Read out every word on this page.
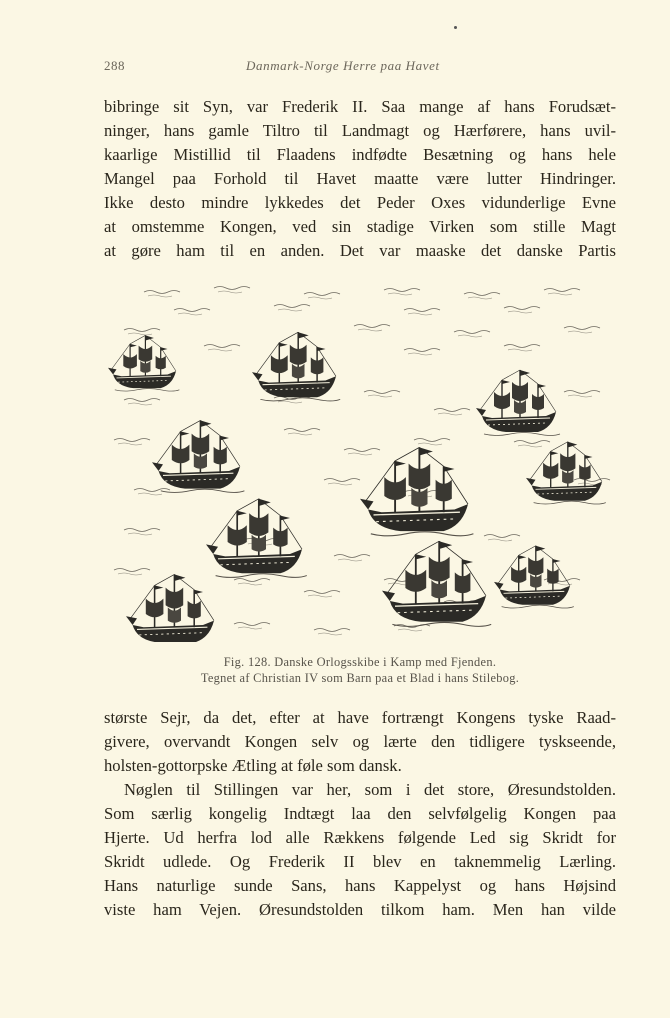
288	Danmark-Norge Herre paa Havet
bibringe sit Syn, var Frederik II. Saa mange af hans Forudsæt-
ninger, hans gamle Tiltro til Landmagt og Hærførere, hans uvil-
kaarlige Mistillid til Flaadens indfødte Besætning og hans hele
Mangel paa Forhold til Havet maatte være lutter Hindringer.
Ikke desto mindre lykkedes det Peder Oxes vidunderlige Evne
at omstemme Kongen, ved sin stadige Virken som stille Magt
at gøre ham til en anden. Det var maaske det danske Partis
Fig. 128. Danske Orlogsskibe i Kamp med Fjenden.
Tegnet af Christian IV som Barn paa et Blad i hans Stilebog.
største Sejr, da det, efter at have fortrængt Kongens tyske Raad-
givere, overvandt Kongen selv og lærte den tidligere tyskseende,
holsten-gottorpske Ætling at føle som dansk.
Nøglen til Stillingen var her, som i det store, Øresundstolden.
Som særlig kongelig Indtægt laa den selvfølgelig Kongen paa
Hjerte. Ud herfra lod alle Rækkens følgende Led sig Skridt for
Skridt udlede. Og Frederik II blev en taknemmelig Lærling.
Hans naturlige sunde Sans, hans Kappelyst og hans Højsind
viste ham Vejen. Øresundstolden tilkom ham. Men han vilde
